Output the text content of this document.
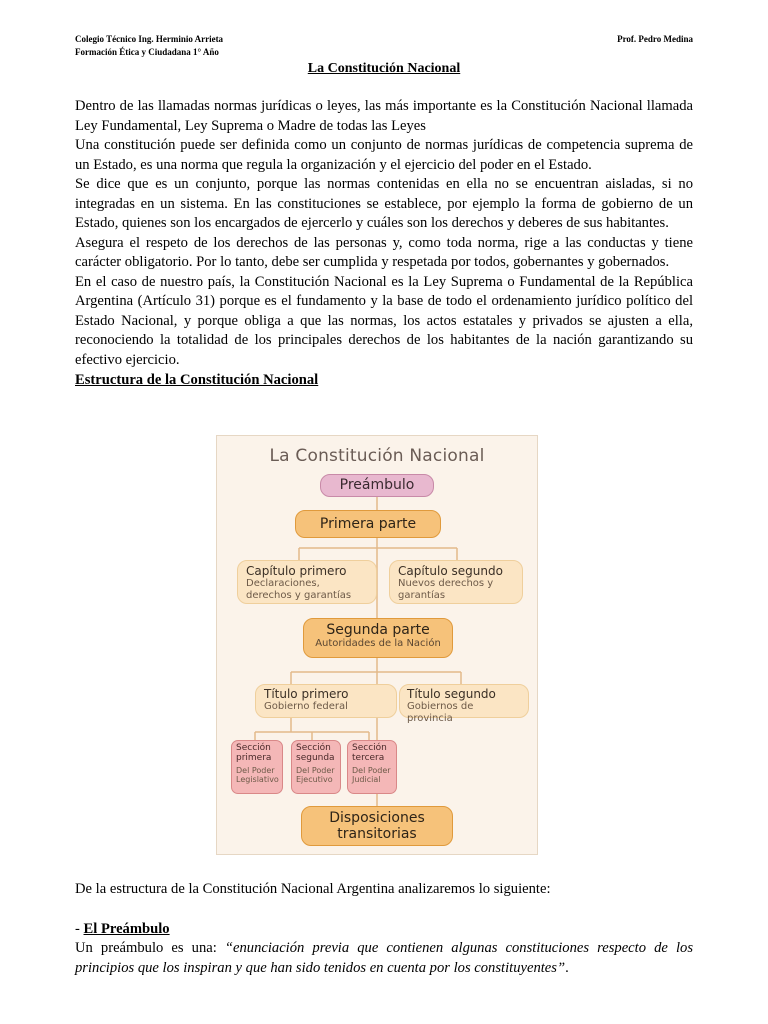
Colegio Técnico Ing. Herminio Arrieta
Formación Ética y Ciudadana 1° Año
Prof. Pedro Medina
La Constitución Nacional

Dentro de las llamadas normas jurídicas o leyes, las más importante es la Constitución Nacional llamada Ley Fundamental, Ley Suprema o Madre de todas las Leyes

Una constitución puede ser definida como un conjunto de normas jurídicas de competencia suprema de un Estado, es una norma que regula la organización y el ejercicio del poder en el Estado.

Se dice que es un conjunto, porque las normas contenidas en ella no se encuentran aisladas, si no integradas en un sistema. En las constituciones se establece, por ejemplo la forma de gobierno de un Estado, quienes son los encargados de ejercerlo y cuáles son los derechos y deberes de sus habitantes.

Asegura el respeto de los derechos de las personas y, como toda norma, rige a las conductas y tiene carácter obligatorio. Por lo tanto, debe ser cumplida y respetada por todos, gobernantes y gobernados.

En el caso de nuestro país, la Constitución Nacional es la Ley Suprema o Fundamental de la República Argentina (Artículo 31) porque es el fundamento y la base de todo el ordenamiento jurídico político del Estado Nacional, y porque obliga a que las normas, los actos estatales y privados se ajusten a ella, reconociendo la totalidad de los principales derechos de los habitantes de la nación garantizando su efectivo ejercicio.

Estructura de la Constitución Nacional

La Constitución Nacional
Preámbulo
Primera parte
Capítulo primero
Declaraciones, derechos y garantías
Capítulo segundo
Nuevos derechos y garantías
Segunda parte
Autoridades de la Nación
Título primero
Gobierno federal
Título segundo
Gobiernos de provincia
Sección primera
Del Poder Legislativo
Sección segunda
Del Poder Ejecutivo
Sección tercera
Del Poder Judicial
Disposiciones transitorias

De la estructura de la Constitución Nacional Argentina analizaremos lo siguiente:

- El Preámbulo

Un preámbulo es una: “enunciación previa que contienen algunas constituciones respecto de los principios que los inspiran y que han sido tenidos en cuenta por los constituyentes”.
